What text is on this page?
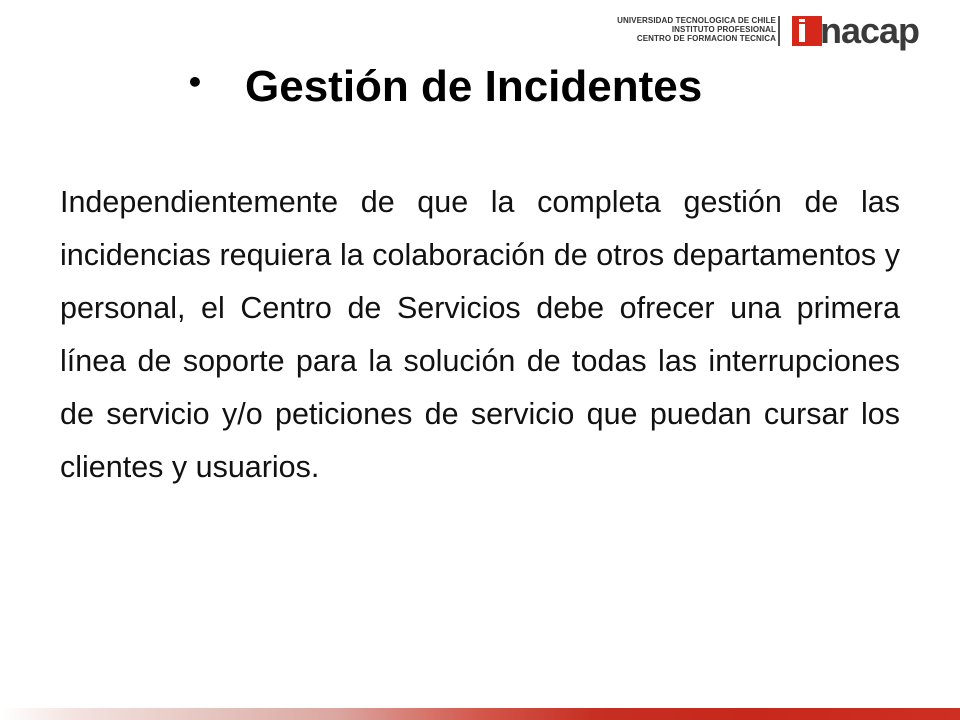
UNIVERSIDAD TECNOLOGICA DE CHILE
INSTITUTO PROFESIONAL
CENTRO DE FORMACION TECNICA nacap
• Gestión de Incidentes

Independientemente de que la completa gestión de las incidencias requiera la colaboración de otros departamentos y personal, el Centro de Servicios debe ofrecer una primera línea de soporte para la solución de todas las interrupciones de servicio y/o peticiones de servicio que puedan cursar los clientes y usuarios.
